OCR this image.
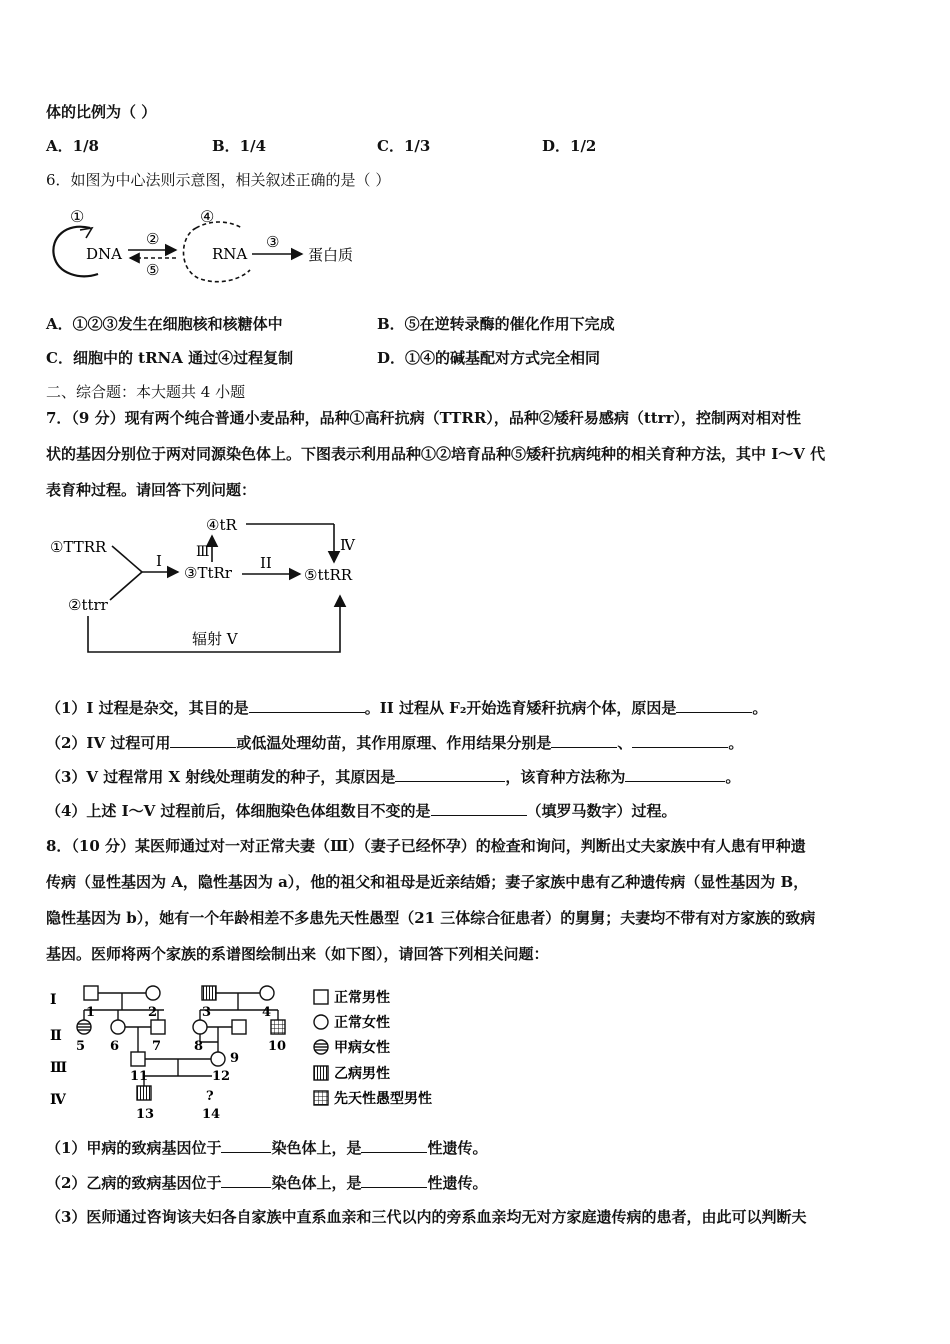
体的比例为（ ）
A．1/8	B．1/4	C．1/3	D．1/2
6．如图为中心法则示意图，相关叙述正确的是（ ）
①
DNA
②
⑤
④
RNA
③
蛋白质
A．①②③发生在细胞核和核糖体中	B．⑤在逆转录酶的催化作用下完成
C．细胞中的 tRNA 通过④过程复制	D．①④的碱基配对方式完全相同
二、综合题：本大题共 4 小题
7．（9 分）现有两个纯合普通小麦品种，品种①高秆抗病（TTRR），品种②矮秆易感病（ttrr），控制两对相对性
状的基因分别位于两对同源染色体上。下图表示利用品种①②培育品种⑤矮秆抗病纯种的相关育种方法，其中 I～V 代
表育种过程。请回答下列问题：
①TTRR
②ttrr
I
③TtRr
Ⅲ
④tR
Ⅳ
II
⑤ttRR
辐射 V
（1）I 过程是杂交，其目的是	。II 过程从 F₂开始选育矮秆抗病个体，原因是	。
（2）IV 过程可用	或低温处理幼苗，其作用原理、作用结果分别是	、	。
（3）V 过程常用 X 射线处理萌发的种子，其原因是	，该育种方法称为	。
（4）上述 I～V 过程前后，体细胞染色体组数目不变的是	（填罗马数字）过程。
8．（10 分）某医师通过对一对正常夫妻（Ⅲ）（妻子已经怀孕）的检查和询问，判断出丈夫家族中有人患有甲种遗
传病（显性基因为 A，隐性基因为 a），他的祖父和祖母是近亲结婚；妻子家族中患有乙种遗传病（显性基因为 B，
隐性基因为 b），她有一个年龄相差不多患先天性愚型（21 三体综合征患者）的舅舅；夫妻均不带有对方家族的致病
基因。医师将两个家族的系谱图绘制出来（如下图），请回答下列相关问题：
I
Ⅱ
Ⅲ
Ⅳ
1	2	3	4
5 6	7	8
9
10
11	12
13	14
?
正常男性
正常女性
甲病女性
乙病男性
先天性愚型男性
（1）甲病的致病基因位于	染色体上，是	性遗传。
（2）乙病的致病基因位于	染色体上，是	性遗传。
（3）医师通过咨询该夫妇各自家族中直系血亲和三代以内的旁系血亲均无对方家庭遗传病的患者，由此可以判断夫
